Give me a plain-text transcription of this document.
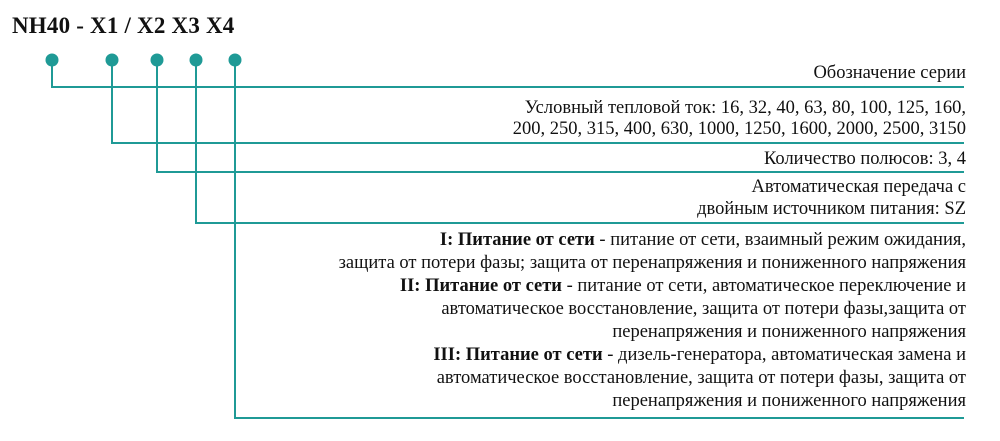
NH40 - X1 / X2 X3 X4
Обозначение серии
Условный тепловой ток: 16, 32, 40, 63, 80, 100, 125, 160,
200, 250, 315, 400, 630, 1000, 1250, 1600, 2000, 2500, 3150
Количество полюсов: 3, 4
Автоматическая передача с
двойным источником питания: SZ
I: Питание от сети - питание от сети, взаимный режим ожидания,
защита от потери фазы; защита от перенапряжения и пониженного напряжения
II: Питание от сети - питание от сети, автоматическое переключение и
автоматическое восстановление, защита от потери фазы,защита от
перенапряжения и пониженного напряжения
III: Питание от сети - дизель-генератора, автоматическая замена и
автоматическое восстановление, защита от потери фазы, защита от
перенапряжения и пониженного напряжения
